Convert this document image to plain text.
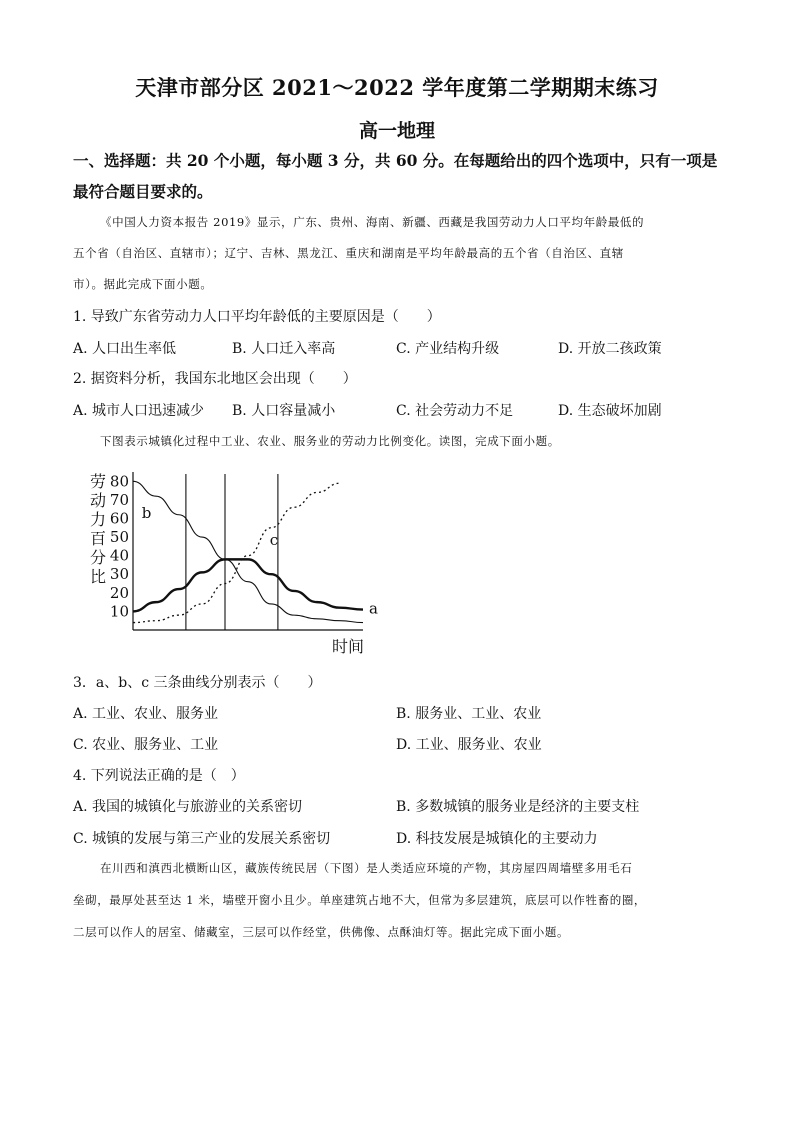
天津市部分区 2021～2022 学年度第二学期期末练习
高一地理
一、选择题：共 20 个小题，每小题 3 分，共 60 分。在每题给出的四个选项中，只有一项是
最符合题目要求的。
《中国人力资本报告 2019》显示，广东、贵州、海南、新疆、西藏是我国劳动力人口平均年龄最低的
五个省（自治区、直辖市）；辽宁、吉林、黑龙江、重庆和湖南是平均年龄最高的五个省（自治区、直辖
市）。据此完成下面小题。
1. 导致广东省劳动力人口平均年龄低的主要原因是（　　）
A. 人口出生率低	B. 人口迁入率高	C. 产业结构升级	D. 开放二孩政策
2. 据资料分析，我国东北地区会出现（　　）
A. 城市人口迅速减少 B. 人口容量减小	C. 社会劳动力不足	D. 生态破坏加剧
下图表示城镇化过程中工业、农业、服务业的劳动力比例变化。读图，完成下面小题。
10
20
30
40
50
60
70
80
劳
动
力
百
分
比
时间
a
b
c
3．a、b、c 三条曲线分别表示（　　）
A. 工业、农业、服务业	B. 服务业、工业、农业
C. 农业、服务业、工业	D. 工业、服务业、农业
4. 下列说法正确的是（　）
A. 我国的城镇化与旅游业的关系密切	B. 多数城镇的服务业是经济的主要支柱
C. 城镇的发展与第三产业的发展关系密切	D. 科技发展是城镇化的主要动力
在川西和滇西北横断山区，藏族传统民居（下图）是人类适应环境的产物，其房屋四周墙壁多用毛石
垒砌，最厚处甚至达 1 米，墙壁开窗小且少。单座建筑占地不大，但常为多层建筑，底层可以作牲畜的圈，
二层可以作人的居室、储藏室，三层可以作经堂，供佛像、点酥油灯等。据此完成下面小题。
